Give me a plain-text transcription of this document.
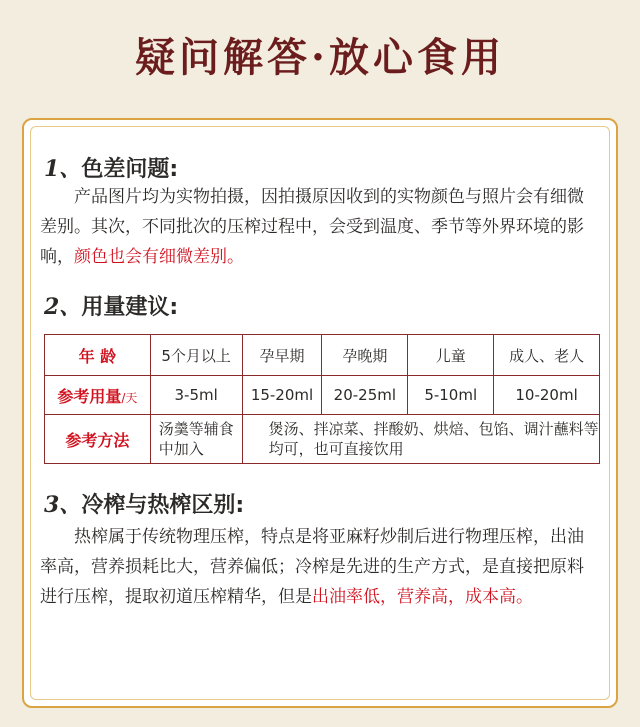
疑问解答·放心食用
1、色差问题:
产品图片均为实物拍摄，因拍摄原因收到的实物颜色与照片会有细微差别。其次，不同批次的压榨过程中，会受到温度、季节等外界环境的影响，颜色也会有细微差别。
2、用量建议:
年 龄	5个月以上	孕早期	孕晚期	儿童	成人、老人
参考用量/天	3-5ml	15-20ml	20-25ml	5-10ml	10-20ml
参考方法	汤羹等辅食中加入	煲汤、拌凉菜、拌酸奶、烘焙、包馅、调汁蘸料等均可，也可直接饮用			
3、冷榨与热榨区别:
热榨属于传统物理压榨，特点是将亚麻籽炒制后进行物理压榨，出油率高，营养损耗比大，营养偏低；冷榨是先进的生产方式，是直接把原料进行压榨，提取初道压榨精华，但是出油率低，营养高，成本高。
